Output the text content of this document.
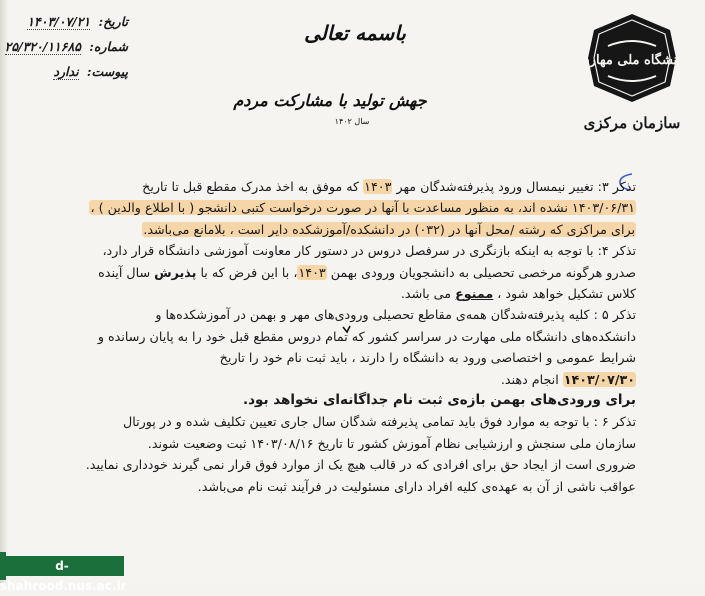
دانشگاه ملی مهارت
سازمان مرکزی
باسمه تعالی
جهش تولید با مشارکت مردم
سال ۱۴۰۲
تاریخ: ۱۴۰۳/۰۷/۲۱
شماره: ۲۵/۳۲۰/۱۱۶۸۵
پیوست: ندارد

تذکر ۳: تغییر نیمسال ورود پذیرفته‌شدگان مهر ۱۴۰۳ که موفق به اخذ مدرک مقطع قبل تا تاریخ

۱۴۰۳/۰۶/۳۱ نشده اند، به منظور مساعدت با آنها در صورت درخواست کتبی دانشجو ( با اطلاع والدین ) ،

برای مراکزی که رشته /محل آنها در (۰۳۲) در دانشکده/آموزشکده دایر است ، بلامانع می‌باشد.

تذکر ۴: با توجه به اینکه بازنگری در سرفصل دروس در دستور کار معاونت آموزشی دانشگاه قرار دارد،

صدرو هرگونه مرخصی تحصیلی به دانشجویان ورودی بهمن ۱۴۰۳، با این فرض که با پذیرش سال آینده

کلاس تشکیل خواهد شود ، ممنوع می باشد.

تذکر ۵ : کلیه پذیرفته‌شدگان همه‌ی مقاطع تحصیلی ورودی‌های مهر و بهمن در آموزشکده‌ها و

دانشکده‌های دانشگاه ملی مهارت در سراسر کشور که تمام دروس مقطع قبل خود را به پایان رسانده و

شرایط عمومی و اختصاصی ورود به دانشگاه را دارند ، باید ثبت نام خود را تاریخ

۱۴۰۳/۰۷/۳۰ انجام دهند.

برای ورودی‌های بهمن بازه‌ی ثبت نام جداگانه‌ای نخواهد بود.

تذکر ۶ : با توجه به موارد فوق باید تمامی پذیرفته شدگان سال جاری تعیین تکلیف شده و در پورتال

سازمان ملی سنجش و ارزشیابی نظام آموزش کشور تا تاریخ ۱۴۰۳/۰۸/۱۶ ثبت وضعیت شوند.

ضروری است از ایجاد حق برای افرادی که در قالب هیچ یک از موارد فوق قرار نمی گیرند خودداری نمایید.

عواقب ناشی از آن به عهده‌ی کلیه افراد دارای مسئولیت در فرآیند ثبت نام می‌باشد.

d-shahrood.nus.ac.ir
